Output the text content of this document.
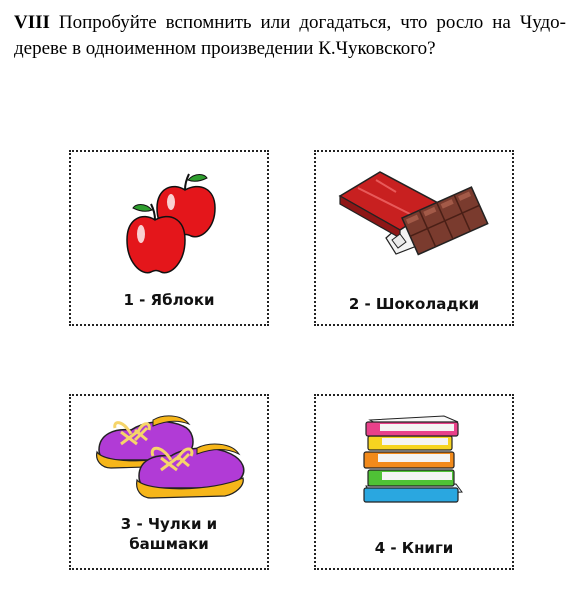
VIII Попробуйте вспомнить или догадаться, что росло на Чудо-дереве в одноименном произведении К.Чуковского?
1 - Яблоки	2 - Шоколадки
3 - Чулки и
башмаки	4 - Книги
